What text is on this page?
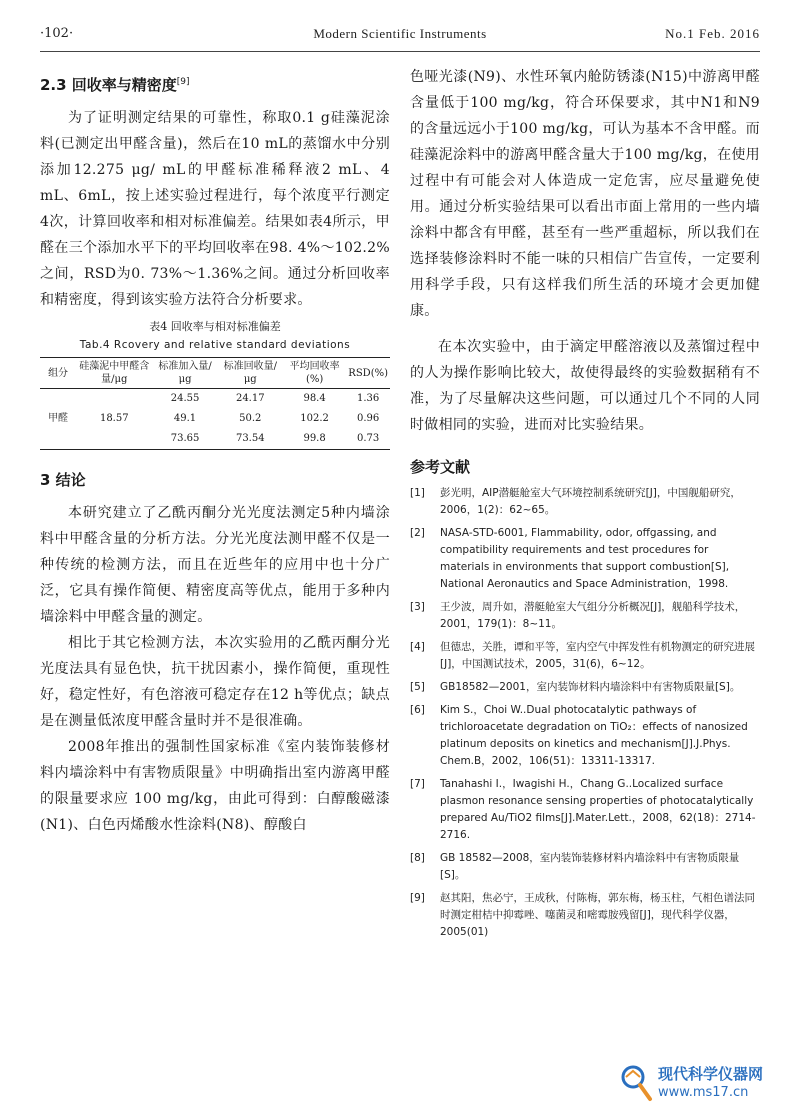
·102·	Modern Scientific Instruments	No.1 Feb. 2016
2.3 回收率与精密度[9]

为了证明测定结果的可靠性，称取0.1 g硅藻泥涂料(已测定出甲醛含量)，然后在10 mL的蒸馏水中分别添加12.275 μg/ mL的甲醛标准稀释液2 mL、4 mL、6mL，按上述实验过程进行，每个浓度平行测定4次，计算回收率和相对标准偏差。结果如表4所示，甲醛在三个添加水平下的平均回收率在98. 4%～102.2%之间，RSD为0. 73%～1.36%之间。通过分析回收率和精密度，得到该实验方法符合分析要求。

表4 回收率与相对标准偏差
Tab.4 Rcovery and relative standard deviations
组分	硅藻泥中甲醛含量/μg	标准加入量/μg	标准回收量/μg	平均回收率(%)	RSD(%)
甲醛	18.57	24.55	24.17	98.4	1.36
		49.1	50.2	102.2	0.96
		73.65	73.54	99.8	0.73
3 结论

本研究建立了乙酰丙酮分光光度法测定5种内墙涂料中甲醛含量的分析方法。分光光度法测甲醛不仅是一种传统的检测方法，而且在近些年的应用中也十分广泛，它具有操作简便、精密度高等优点，能用于多种内墙涂料中甲醛含量的测定。

相比于其它检测方法，本次实验用的乙酰丙酮分光光度法具有显色快，抗干扰因素小，操作简便，重现性好，稳定性好，有色溶液可稳定存在12 h等优点；缺点是在测量低浓度甲醛含量时并不是很准确。

2008年推出的强制性国家标准《室内装饰装修材料内墙涂料中有害物质限量》中明确指出室内游离甲醛的限量要求应 100 mg/kg，由此可得到：白醇酸磁漆(N1)、白色丙烯酸水性涂料(N8)、醇酸白

色哑光漆(N9)、水性环氧内舱防锈漆(N15)中游离甲醛含量低于100 mg/kg，符合环保要求，其中N1和N9的含量远远小于100 mg/kg，可认为基本不含甲醛。而硅藻泥涂料中的游离甲醛含量大于100 mg/kg，在使用过程中有可能会对人体造成一定危害，应尽量避免使用。通过分析实验结果可以看出市面上常用的一些内墙涂料中都含有甲醛，甚至有一些严重超标，所以我们在选择装修涂料时不能一味的只相信广告宣传，一定要利用科学手段，只有这样我们所生活的环境才会更加健康。

在本次实验中，由于滴定甲醛溶液以及蒸馏过程中的人为操作影响比较大，故使得最终的实验数据稍有不准，为了尽量解决这些问题，可以通过几个不同的人同时做相同的实验，进而对比实验结果。

参考文献
[1]	彭光明，AIP潜艇舱室大气环境控制系统研究[J]，中国舰船研究，2006，1(2)：62~65。
[2]	NASA-STD-6001, Flammability, odor, offgassing, and compatibility requirements and test procedures for materials in environments that support combustion[S], National Aeronautics and Space Administration，1998.
[3]	王少波，周升如，潜艇舱室大气组分分析概况[J]，舰船科学技术，2001，179(1)：8~11。
[4]	但德忠，关胜，谭和平等，室内空气中挥发性有机物测定的研究进展[J]，中国测试技术，2005，31(6)，6~12。
[5]	GB18582—2001，室内装饰材料内墙涂料中有害物质限量[S]。
[6]	Kim S.，Choi W..Dual photocatalytic pathways of trichloroacetate degradation on TiO₂：effects of nanosized platinum deposits on kinetics and mechanism[J].J.Phys. Chem.B，2002，106(51)：13311-13317.
[7]	Tanahashi I.，Iwagishi H.，Chang G..Localized surface plasmon resonance sensing properties of photocatalytically prepared Au/TiO2 films[J].Mater.Lett.，2008，62(18)：2714-2716.
[8]	GB 18582—2008，室内装饰装修材料内墙涂料中有害物质限量[S]。
[9]	赵其阳，焦必宁，王成秋，付陈梅，郭东梅，杨玉柱，气相色谱法同时测定柑桔中抑霉唑、噻菌灵和嘧霉胺残留[J]，现代科学仪器，2005(01)
现代科学仪器网
www.ms17.cn
